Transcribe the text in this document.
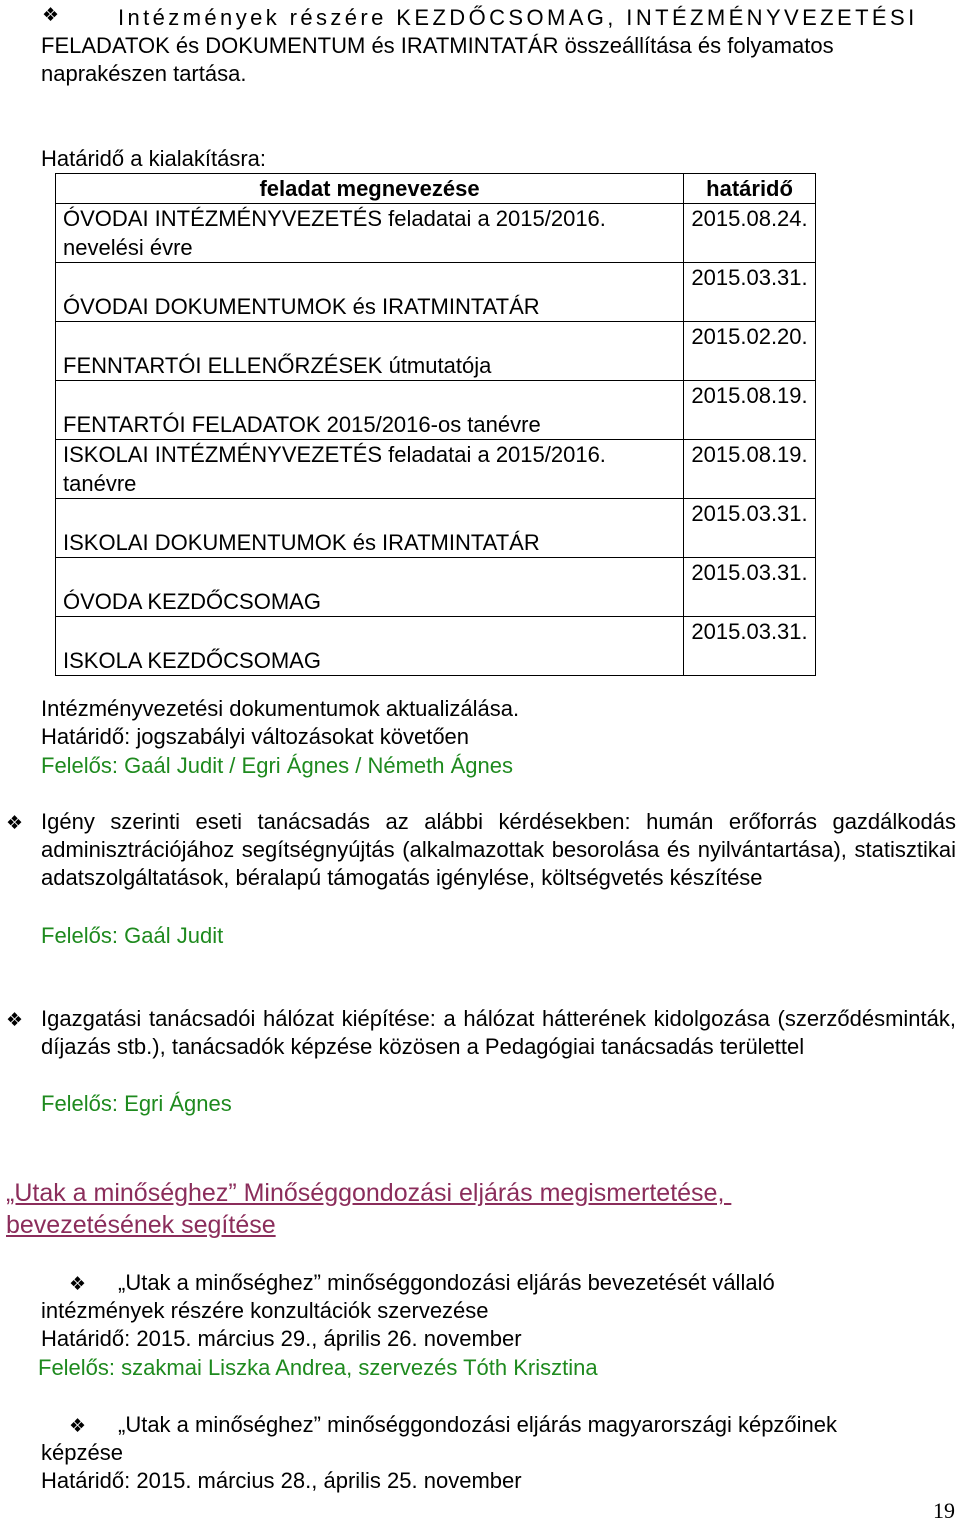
❖	Intézmények részére KEZDŐCSOMAG, INTÉZMÉNYVEZETÉSI
FELADATOK és DOKUMENTUM és IRATMINTATÁR összeállítása és folyamatos naprakészen tartása.
Határidő a kialakításra:
feladat megnevezése	határidő
ÓVODAI INTÉZMÉNYVEZETÉS feladatai a 2015/2016. nevelési évre	2015.08.24.

ÓVODAI DOKUMENTUMOK és IRATMINTATÁR	2015.03.31.

FENNTARTÓI ELLENŐRZÉSEK útmutatója	2015.02.20.

FENTARTÓI FELADATOK 2015/2016-os tanévre	2015.08.19.
ISKOLAI INTÉZMÉNYVEZETÉS feladatai a 2015/2016. tanévre	2015.08.19.

ISKOLAI DOKUMENTUMOK és IRATMINTATÁR	2015.03.31.

ÓVODA KEZDŐCSOMAG	2015.03.31.

ISKOLA KEZDŐCSOMAG	2015.03.31.
Intézményvezetési dokumentumok aktualizálása.
Határidő: jogszabályi változásokat követően
Felelős: Gaál Judit / Egri Ágnes / Németh Ágnes
❖ Igény szerinti eseti tanácsadás az alábbi kérdésekben: humán erőforrás gazdálkodás adminisztrációjához segítségnyújtás (alkalmazottak besorolása és nyilvántartása), statisztikai adatszolgáltatások, béralapú támogatás igénylése, költségvetés készítése
Felelős: Gaál Judit
❖ Igazgatási tanácsadói hálózat kiépítése: a hálózat hátterének kidolgozása (szerződésminták, díjazás stb.), tanácsadók képzése közösen a Pedagógiai tanácsadás területtel
Felelős: Egri Ágnes
„Utak a minőséghez” Minőséggondozási eljárás megismertetése,
bevezetésének segítése
❖ „Utak a minőséghez” minőséggondozási eljárás bevezetését vállaló
intézmények részére konzultációk szervezése
Határidő: 2015. március 29., április 26. november
Felelős: szakmai Liszka Andrea, szervezés Tóth Krisztina
❖ „Utak a minőséghez” minőséggondozási eljárás magyarországi képzőinek
képzése
Határidő: 2015. március 28., április 25. november
19
